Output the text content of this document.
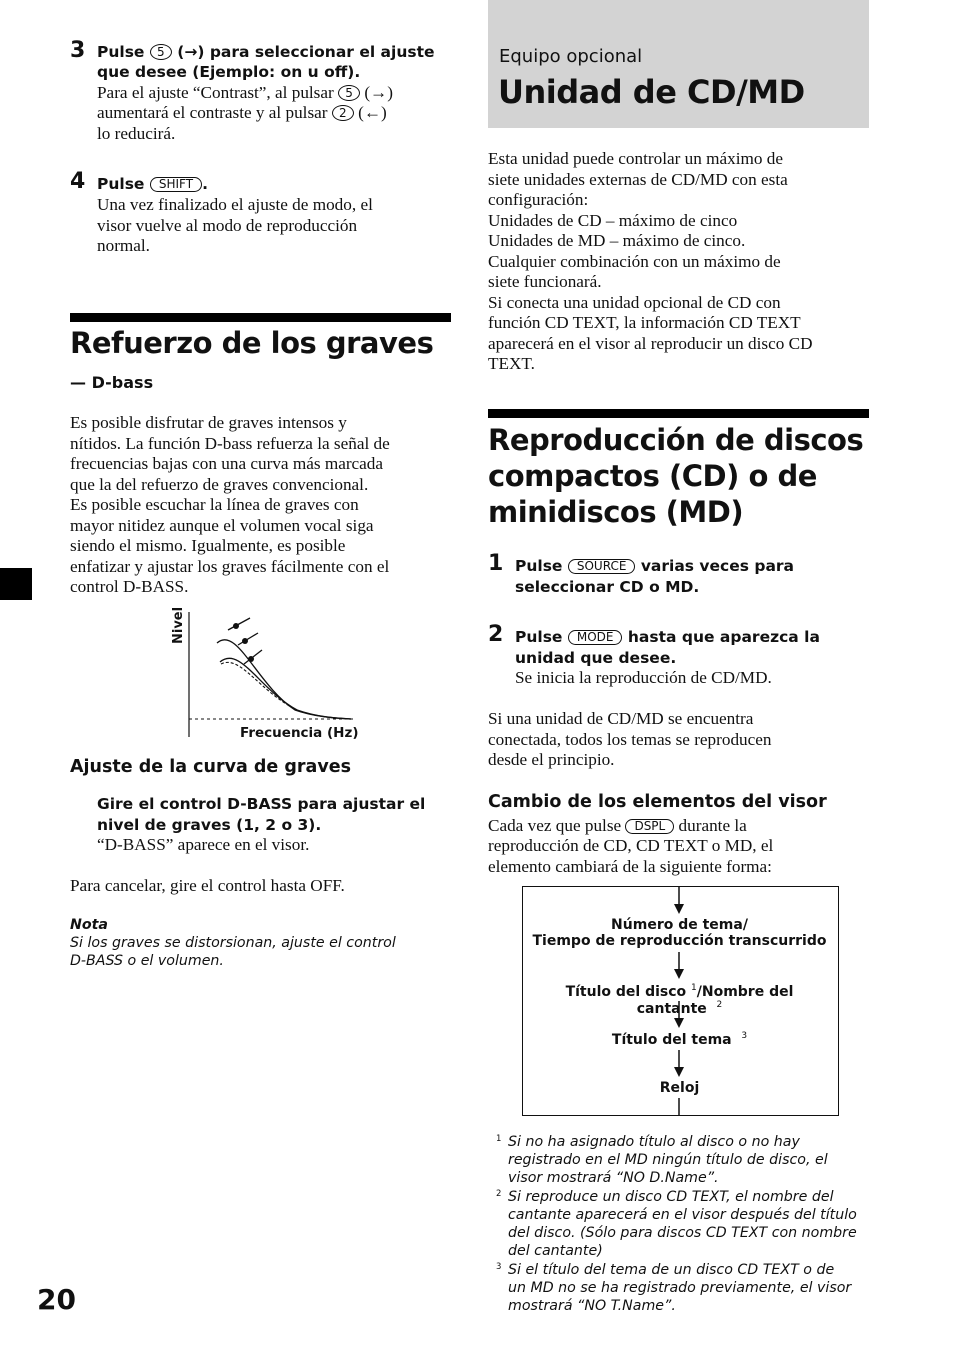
3 Pulse 5 (→) para seleccionar el ajuste
que desee (Ejemplo: on u off).
Para el ajuste “Contrast”, al pulsar 5 (→)
aumentará el contraste y al pulsar 2 (←)
lo reducirá.
4 Pulse SHIFT .

Una vez finalizado el ajuste de modo, el

visor vuelve al modo de reproducción

normal.

Refuerzo de los graves
— D-bass

Es posible disfrutar de graves intensos y

nítidos. La función D-bass refuerza la señal de

frecuencias bajas con una curva más marcada

que la del refuerzo de graves convencional.

Es posible escuchar la línea de graves con

mayor nitidez aunque el volumen vocal siga

siendo el mismo. Igualmente, es posible

enfatizar y ajustar los graves fácilmente con el

control D-BASS.

Nivel
Frecuencia (Hz)
Ajuste de la curva de graves

Gire el control D-BASS para ajustar el

nivel de graves (1, 2 o 3).

“D-BASS” aparece en el visor.
Para cancelar, gire el control hasta OFF.
Nota

Si los graves se distorsionan, ajuste el control

D-BASS o el volumen.

20
Equipo opcional
Unidad de CD/MD

Esta unidad puede controlar un máximo de

siete unidades externas de CD/MD con esta

configuración:

Unidades de CD – máximo de cinco

Unidades de MD – máximo de cinco.

Cualquier combinación con un máximo de

siete funcionará.

Si conecta una unidad opcional de CD con

función CD TEXT, la información CD TEXT

aparecerá en el visor al reproducir un disco CD

TEXT.

Reproducción de discos

compactos (CD) o de

minidiscos (MD)

1 Pulse SOURCE varias veces para
seleccionar CD o MD.
2 Pulse MODE hasta que aparezca la
unidad que desee.
Se inicia la reproducción de CD/MD.

Si una unidad de CD/MD se encuentra

conectada, todos los temas se reproducen

desde el principio.

Cambio de los elementos del visor
Cada vez que pulse DSPL durante la
reproducción de CD, CD TEXT o MD, el
elemento cambiará de la siguiente forma:

Número de tema/

Tiempo de reproducción transcurrido

Título del disco $^1$/Nombre del cantante $^2$
Título del tema $^3$
Reloj
1 Si no ha asignado título al disco o no hay

registrado en el MD ningún título de disco, el

visor mostrará “NO D.Name”.

2 Si reproduce un disco CD TEXT, el nombre del

cantante aparecerá en el visor después del título

del disco. (Sólo para discos CD TEXT con nombre

del cantante)

3 Si el título del tema de un disco CD TEXT o de

un MD no se ha registrado previamente, el visor

mostrará “NO T.Name”.
